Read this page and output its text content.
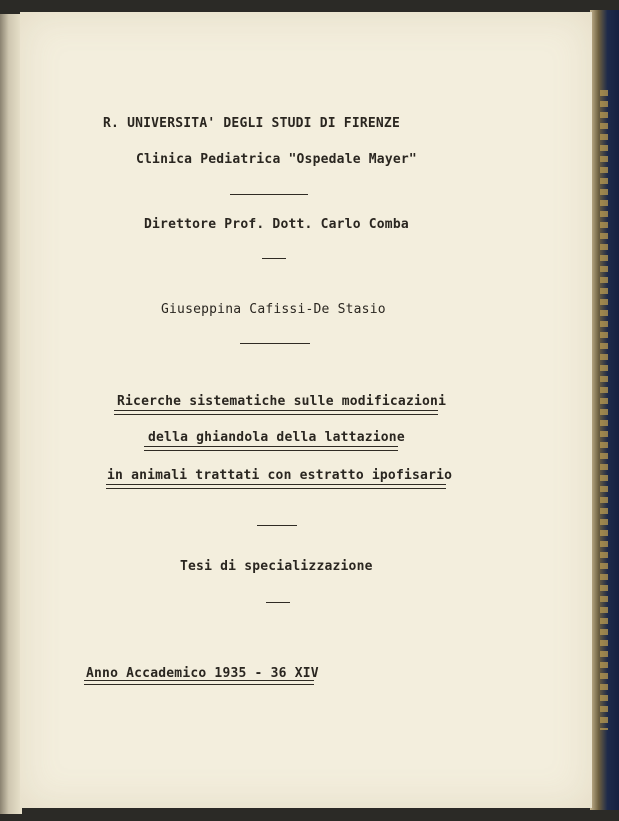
R. UNIVERSITA' DEGLI STUDI DI FIRENZE
Clinica Pediatrica "Ospedale Mayer"
Direttore Prof. Dott. Carlo Comba
Giuseppina Cafissi-De Stasio
Ricerche sistematiche sulle modificazioni
della ghiandola della lattazione
in animali trattati con estratto ipofisario
Tesi di specializzazione
Anno Accademico 1935 - 36 XIV
